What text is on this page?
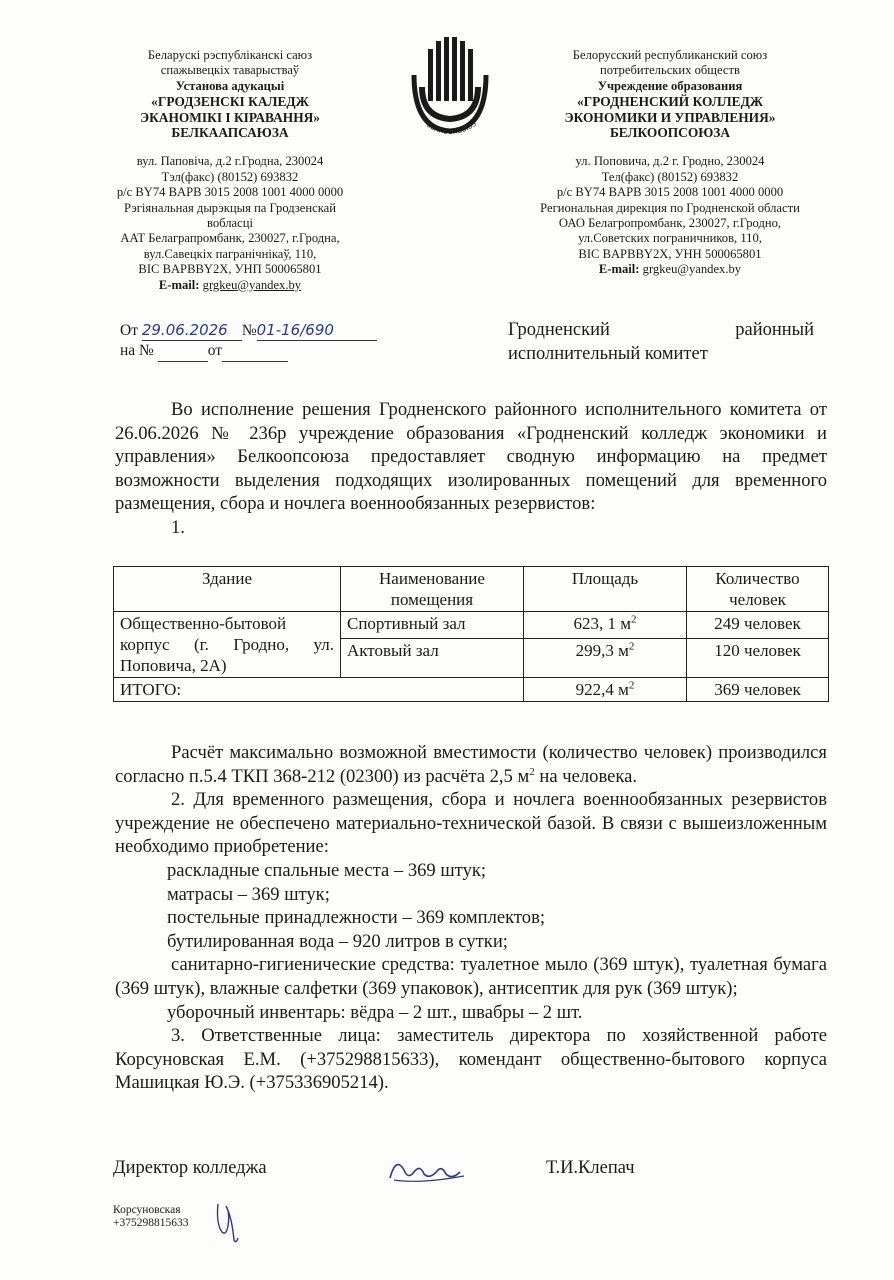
Беларускі рэспубліканскі саюз
спажывецкіх таварыстваў
Установа адукацыі
«ГРОДЗЕНСКІ КАЛЕДЖ
ЭКАНОМІКІ І КІРАВАННЯ»
БЕЛКААПСАЮЗА
вул. Паповіча, д.2 г.Гродна, 230024
Тэл(факс) (80152) 693832
р/с BY74 BAPB 3015 2008 1001 4000 0000
Рэгіянальная дырэкцыя па Гродзенскай вобласці
ААТ Белаграпромбанк, 230027, г.Гродна,
вул.Савецкіх пагранічнікаў, 110,
BIC BAPBBY2X, УНП 500065801
E-mail: grgkeu@yandex.by
БЕЛКООПСОЮЗ
Белорусский республиканский союз
потребительских обществ
Учреждение образования
«ГРОДНЕНСКИЙ КОЛЛЕДЖ
ЭКОНОМИКИ И УПРАВЛЕНИЯ»
БЕЛКООПСОЮЗА
ул. Поповича, д.2 г. Гродно, 230024
Тел(факс) (80152) 693832
р/с BY74 BAPB 3015 2008 1001 4000 0000
Региональная дирекция по Гродненской области
ОАО Белагропромбанк, 230027, г.Гродно,
ул.Советских пограничников, 110,
BIC BAPBBY2X, УНН 500065801
E-mail: grgkeu@yandex.by
От 29.06.2026 №01-16/690
на №	от
Гродненский	районный
исполнительный комитет

Во исполнение решения Гродненского районного исполнительного комитета от 26.06.2026 № 236р учреждение образования «Гродненский колледж экономики и управления» Белкоопсоюза предоставляет сводную информацию на предмет возможности выделения подходящих изолированных помещений для временного размещения, сбора и ночлега военнообязанных резервистов:

1.

Здание	Наименование помещения	Площадь	Количество человек
Общественно-бытовой корпус (г. Гродно, ул. Поповича, 2А)	Спортивный зал	623, 1 $м^2$	249 человек
	Актовый зал	299,3 $м^2$	120 человек
ИТОГО:		922,4 $м^2$	369 человек

Расчёт максимально возможной вместимости (количество человек) производился согласно п.5.4 ТКП 368-212 (02300) из расчёта 2,5 $м^2$ на человека.

2. Для временного размещения, сбора и ночлега военнообязанных резервистов учреждение не обеспечено материально-технической базой. В связи с вышеизложенным необходимо приобретение:

раскладные спальные места – 369 штук;

матрасы – 369 штук;

постельные принадлежности – 369 комплектов;

бутилированная вода – 920 литров в сутки;

санитарно-гигиенические средства: туалетное мыло (369 штук), туалетная бумага (369 штук), влажные салфетки (369 упаковок), антисептик для рук (369 штук);

уборочный инвентарь: вёдра – 2 шт., швабры – 2 шт.

3. Ответственные лица: заместитель директора по хозяйственной работе Корсуновская Е.М. (+375298815633), комендант общественно-бытового корпуса Машицкая Ю.Э. (+375336905214).

Директор колледжа	Т.И.Клепач
Корсуновская
+375298815633
